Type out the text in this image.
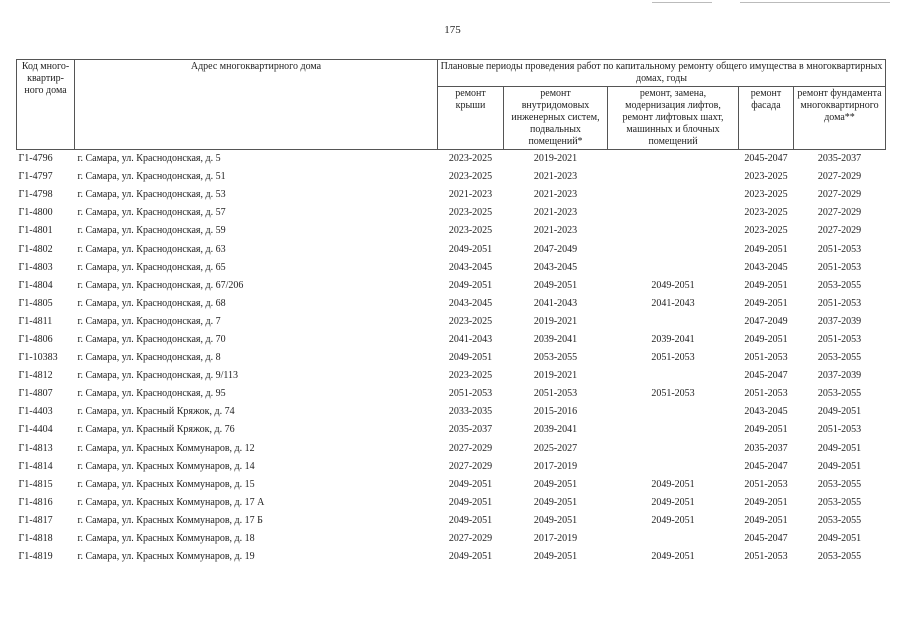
175
Код много-квартир-ного дома	Адрес многоквартирного дома	Плановые периоды проведения работ по капитальному ремонту общего имущества в многоквартирных домах, годы				
		ремонт крыши	ремонт внутридомовых инженерных систем, подвальных помещений*	ремонт, замена, модернизация лифтов, ремонт лифтовых шахт, машинных и блочных помещений	ремонт фасада	ремонт фундамента многоквартирного дома**
Г1-4796	г. Самара, ул. Краснодонская, д. 5	2023-2025	2019-2021		2045-2047	2035-2037
Г1-4797	г. Самара, ул. Краснодонская, д. 51	2023-2025	2021-2023		2023-2025	2027-2029
Г1-4798	г. Самара, ул. Краснодонская, д. 53	2021-2023	2021-2023		2023-2025	2027-2029
Г1-4800	г. Самара, ул. Краснодонская, д. 57	2023-2025	2021-2023		2023-2025	2027-2029
Г1-4801	г. Самара, ул. Краснодонская, д. 59	2023-2025	2021-2023		2023-2025	2027-2029
Г1-4802	г. Самара, ул. Краснодонская, д. 63	2049-2051	2047-2049		2049-2051	2051-2053
Г1-4803	г. Самара, ул. Краснодонская, д. 65	2043-2045	2043-2045		2043-2045	2051-2053
Г1-4804	г. Самара, ул. Краснодонская, д. 67/206	2049-2051	2049-2051	2049-2051	2049-2051	2053-2055
Г1-4805	г. Самара, ул. Краснодонская, д. 68	2043-2045	2041-2043	2041-2043	2049-2051	2051-2053
Г1-4811	г. Самара, ул. Краснодонская, д. 7	2023-2025	2019-2021		2047-2049	2037-2039
Г1-4806	г. Самара, ул. Краснодонская, д. 70	2041-2043	2039-2041	2039-2041	2049-2051	2051-2053
Г1-10383	г. Самара, ул. Краснодонская, д. 8	2049-2051	2053-2055	2051-2053	2051-2053	2053-2055
Г1-4812	г. Самара, ул. Краснодонская, д. 9/113	2023-2025	2019-2021		2045-2047	2037-2039
Г1-4807	г. Самара, ул. Краснодонская, д. 95	2051-2053	2051-2053	2051-2053	2051-2053	2053-2055
Г1-4403	г. Самара, ул. Красный Кряжок, д. 74	2033-2035	2015-2016		2043-2045	2049-2051
Г1-4404	г. Самара, ул. Красный Кряжок, д. 76	2035-2037	2039-2041		2049-2051	2051-2053
Г1-4813	г. Самара, ул. Красных Коммунаров, д. 12	2027-2029	2025-2027		2035-2037	2049-2051
Г1-4814	г. Самара, ул. Красных Коммунаров, д. 14	2027-2029	2017-2019		2045-2047	2049-2051
Г1-4815	г. Самара, ул. Красных Коммунаров, д. 15	2049-2051	2049-2051	2049-2051	2051-2053	2053-2055
Г1-4816	г. Самара, ул. Красных Коммунаров, д. 17 А	2049-2051	2049-2051	2049-2051	2049-2051	2053-2055
Г1-4817	г. Самара, ул. Красных Коммунаров, д. 17 Б	2049-2051	2049-2051	2049-2051	2049-2051	2053-2055
Г1-4818	г. Самара, ул. Красных Коммунаров, д. 18	2027-2029	2017-2019		2045-2047	2049-2051
Г1-4819	г. Самара, ул. Красных Коммунаров, д. 19	2049-2051	2049-2051	2049-2051	2051-2053	2053-2055
